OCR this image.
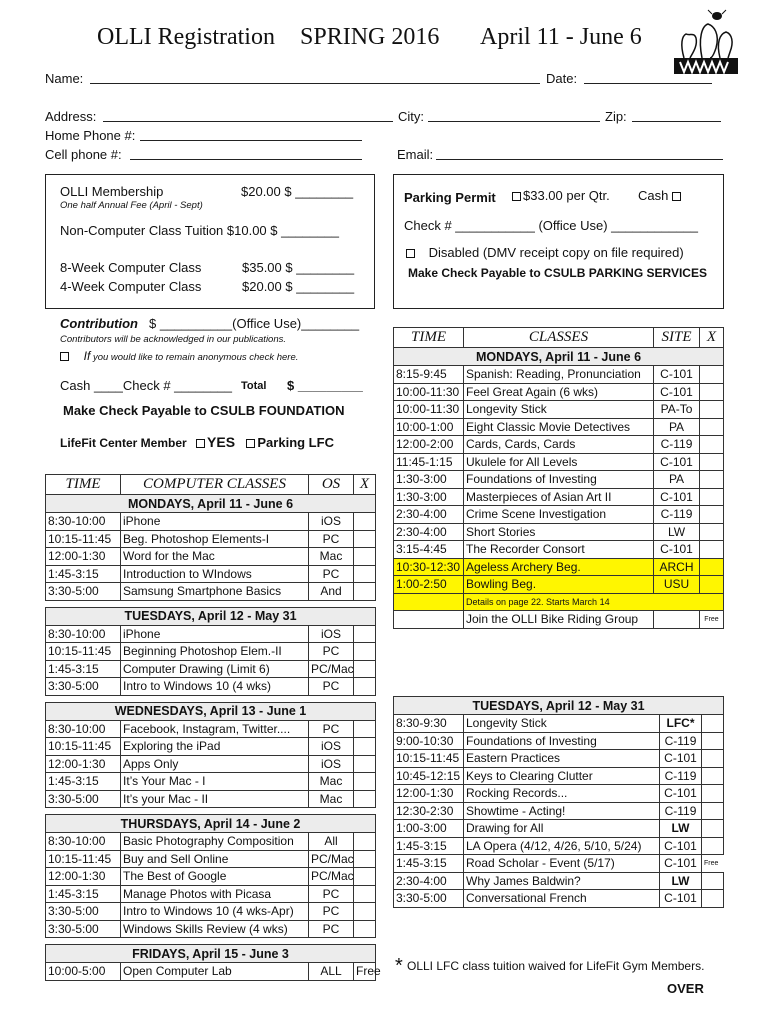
OLLI Registration SPRING 2016 April 11 - June 6
Name:	Date:
Address:	City:	Zip:
Home Phone #:
Cell phone #:	Email:
OLLI Membership	$20.00 $ ________
One half Annual Fee (April - Sept)
Non-Computer Class Tuition $10.00 $ ________
8-Week Computer Class	$35.00 $ ________
4-Week Computer Class	$20.00 $ ________
Contribution $ __________(Office Use)________
Contributors will be acknowledged in our publications.
If you would like to remain anonymous check here.
Cash ____Check # ________ Total $ _________
Make Check Payable to CSULB FOUNDATION
LifeFit Center Member YES Parking LFC
Parking Permit	$33.00 per Qtr. Cash
Check # ___________ (Office Use) ____________
Disabled (DMV receipt copy on file required)
Make Check Payable to CSULB PARKING SERVICES
TIME	COMPUTER CLASSES	OS	X
MONDAYS, April 11 - June 6			
8:30-10:00	iPhone	iOS	
10:15-11:45	Beg. Photoshop Elements-I	PC	
12:00-1:30	Word for the Mac	Mac	
1:45-3:15	Introduction to WIndows	PC	
3:30-5:00	Samsung Smartphone Basics	And	

TUESDAYS, April 12 - May 31			
8:30-10:00	iPhone	iOS	
10:15-11:45	Beginning Photoshop Elem.-II	PC	
1:45-3:15	Computer Drawing (Limit 6)	PC/Mac	
3:30-5:00	Intro to Windows 10 (4 wks)	PC	

WEDNESDAYS, April 13 - June 1			
8:30-10:00	Facebook, Instagram, Twitter....	PC	
10:15-11:45	Exploring the iPad	iOS	
12:00-1:30	Apps Only	iOS	
1:45-3:15	It’s Your Mac - I	Mac	
3:30-5:00	It’s your Mac - II	Mac	

THURSDAYS, April 14 - June 2			
8:30-10:00	Basic Photography Composition	All	
10:15-11:45	Buy and Sell Online	PC/Mac	
12:00-1:30	The Best of Google	PC/Mac	
1:45-3:15	Manage Photos with Picasa	PC	
3:30-5:00	Intro to Windows 10 (4 wks-Apr)	PC	
3:30-5:00	Windows Skills Review (4 wks)	PC	

FRIDAYS, April 15 - June 3			
10:00-5:00	Open Computer Lab	ALL	Free
TIME	CLASSES	SITE	X
MONDAYS, April 11 - June 6			
8:15-9:45	Spanish: Reading, Pronunciation	C-101	
10:00-11:30	Feel Great Again (6 wks)	C-101	
10:00-11:30	Longevity Stick	PA-To	
10:00-1:00	Eight Classic Movie Detectives	PA	
12:00-2:00	Cards, Cards, Cards	C-119	
11:45-1:15	Ukulele for All Levels	C-101	
1:30-3:00	Foundations of Investing	PA	
1:30-3:00	Masterpieces of Asian Art II	C-101	
2:30-4:00	Crime Scene Investigation	C-119	
2:30-4:00	Short Stories	LW	
3:15-4:45	The Recorder Consort	C-101	
10:30-12:30	Ageless Archery Beg.	ARCH	
1:00-2:50	Bowling Beg.	USU	
	Details on page 22. Starts March 14		
	Join the OLLI Bike Riding Group		Free
TUESDAYS, April 12 - May 31			
8:30-9:30	Longevity Stick	LFC*	
9:00-10:30	Foundations of Investing	C-119	
10:15-11:45	Eastern Practices	C-101	
10:45-12:15	Keys to Clearing Clutter	C-119	
12:00-1:30	Rocking Records...	C-101	
12:30-2:30	Showtime - Acting!	C-119	
1:00-3:00	Drawing for All	LW	
1:45-3:15	LA Opera (4/12, 4/26, 5/10, 5/24)	C-101	
1:45-3:15	Road Scholar - Event (5/17)	C-101	Free
2:30-4:00	Why James Baldwin?	LW	
3:30-5:00	Conversational French	C-101	
* OLLI LFC class tuition waived for LifeFit Gym Members.
OVER
